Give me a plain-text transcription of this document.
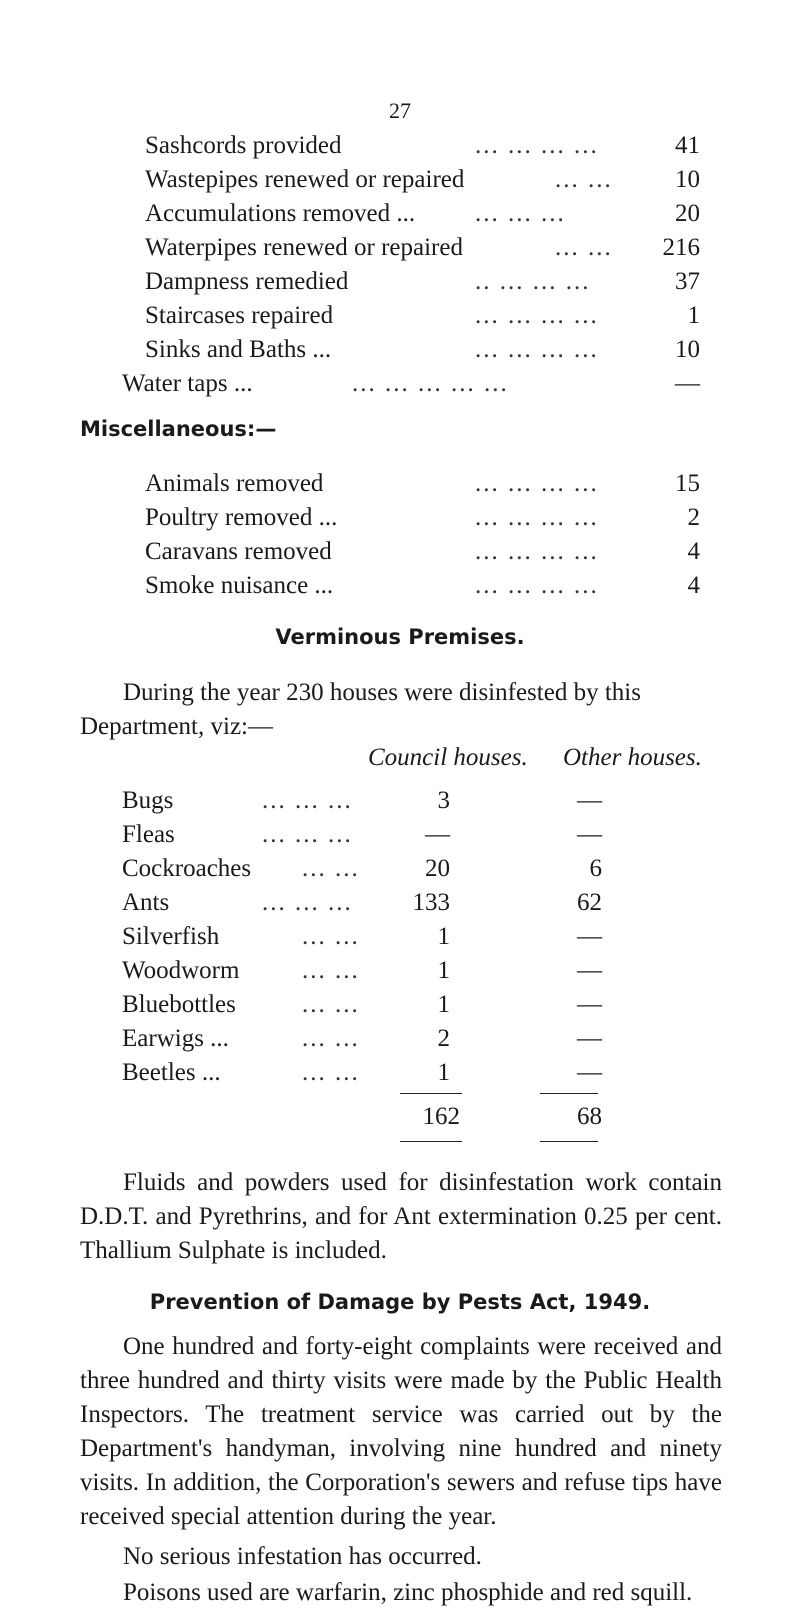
27
Sashcords provided	... ... ... ...	41
Wastepipes renewed or repaired	... ... 10
Accumulations removed ... ... ... ...	20
Waterpipes renewed or repaired	... ... 216
Dampness remedied	.. ... ... ...	37
Staircases repaired	... ... ... ...	1
Sinks and Baths ...	... ... ... ...	10
Water taps ...	... ... ... ... ...	—
Miscellaneous:—
Animals removed	... ... ... ...	15
Poultry removed ...	... ... ... ...	2
Caravans removed	... ... ... ...	4
Smoke nuisance ...	... ... ... ...	4
Verminous Premises.
During the year 230 houses were disinfested by this
Department, viz:—
Council houses. Other houses.
Bugs	... ... ...	3	—
Fleas	... ... ...	—	—
Cockroaches ... ...	20	6
Ants	... ... ...	133	62
Silverfish	... ...	1	—
Woodworm	... ...	1	—
Bluebottles	... ...	1	—
Earwigs ...	... ...	2	—
Beetles ...	... ...	1	—
162	68
Fluids and powders used for disinfestation work contain D.D.T. and Pyrethrins, and for Ant extermination 0.25 per cent. Thallium Sulphate is included.
Prevention of Damage by Pests Act, 1949.
One hundred and forty-eight complaints were received and three hundred and thirty visits were made by the Public Health Inspectors. The treatment service was carried out by the Department's handyman, involving nine hundred and ninety visits. In addition, the Corporation's sewers and refuse tips have received special attention during the year.
No serious infestation has occurred.
Poisons used are warfarin, zinc phosphide and red squill.
